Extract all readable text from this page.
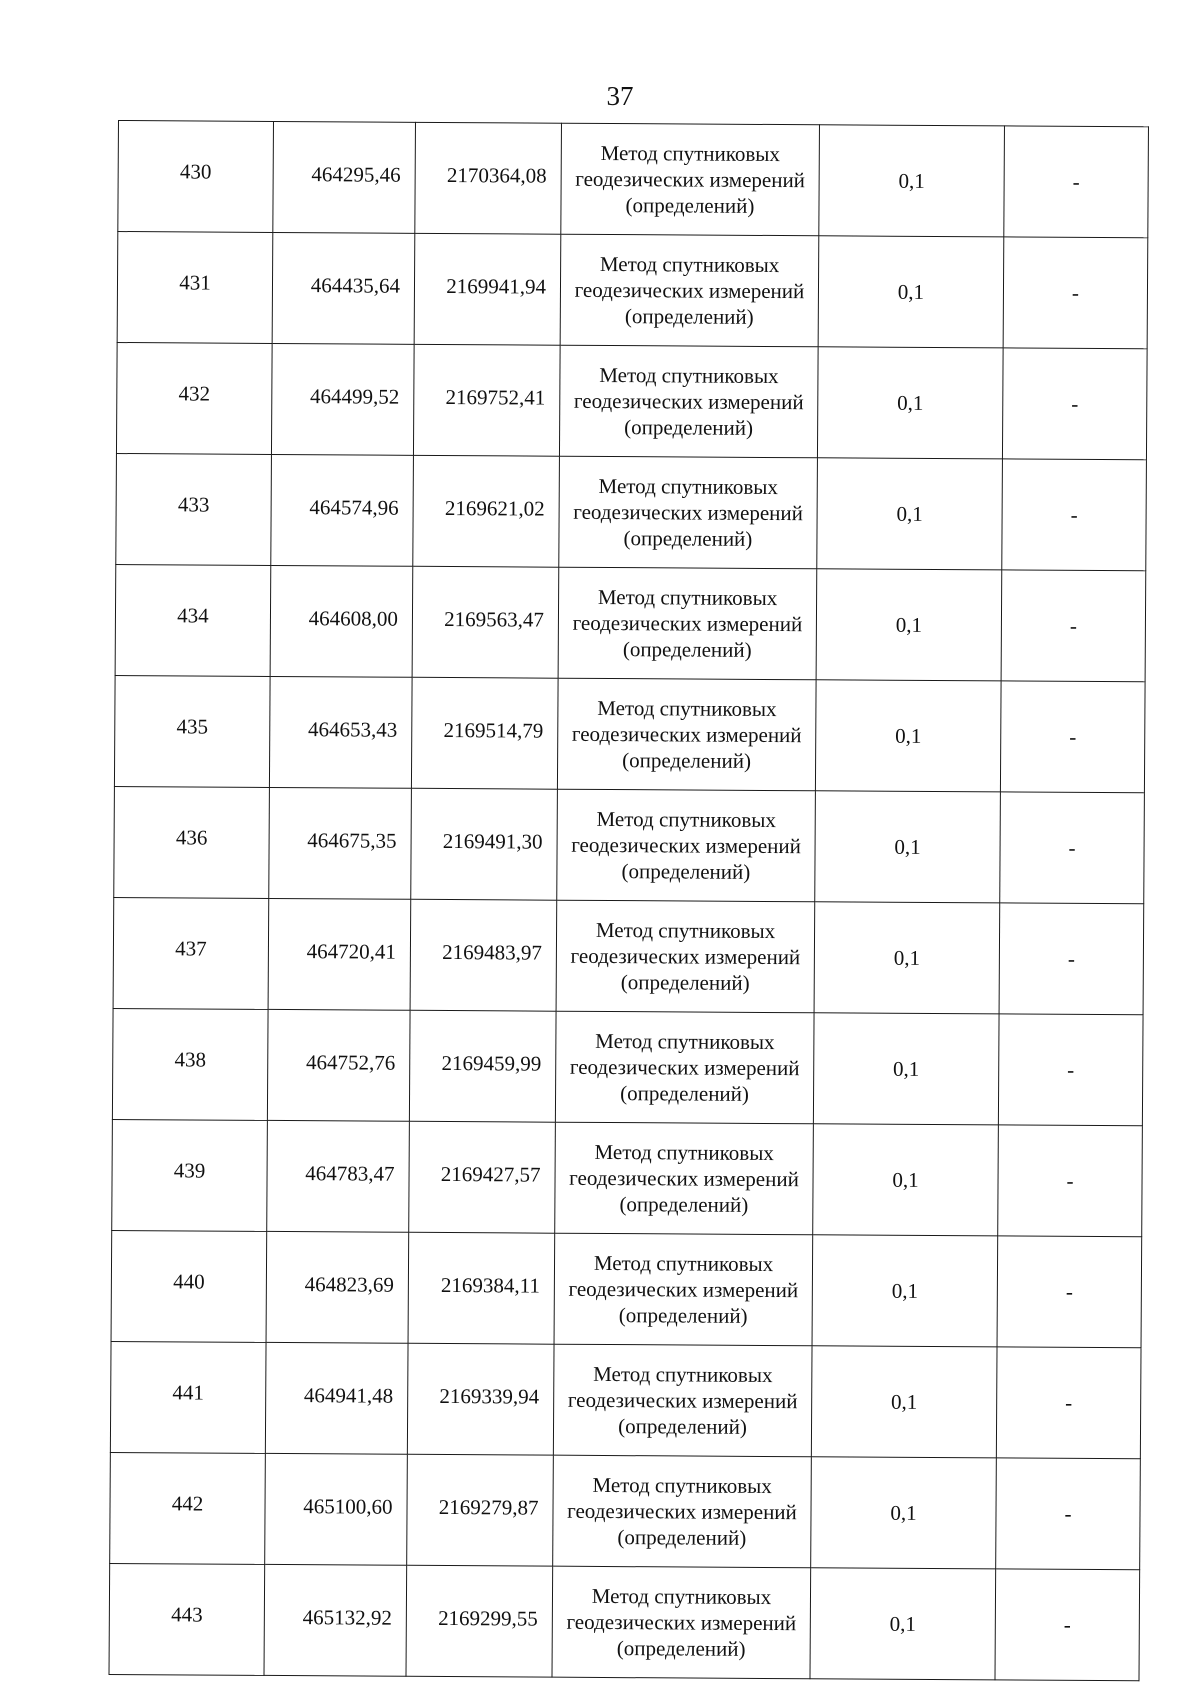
37
430	464295,46	2170364,08	Метод спутниковых
геодезических измерений
(определений)	0,1	-
431	464435,64	2169941,94	Метод спутниковых
геодезических измерений
(определений)	0,1	-
432	464499,52	2169752,41	Метод спутниковых
геодезических измерений
(определений)	0,1	-
433	464574,96	2169621,02	Метод спутниковых
геодезических измерений
(определений)	0,1	-
434	464608,00	2169563,47	Метод спутниковых
геодезических измерений
(определений)	0,1	-
435	464653,43	2169514,79	Метод спутниковых
геодезических измерений
(определений)	0,1	-
436	464675,35	2169491,30	Метод спутниковых
геодезических измерений
(определений)	0,1	-
437	464720,41	2169483,97	Метод спутниковых
геодезических измерений
(определений)	0,1	-
438	464752,76	2169459,99	Метод спутниковых
геодезических измерений
(определений)	0,1	-
439	464783,47	2169427,57	Метод спутниковых
геодезических измерений
(определений)	0,1	-
440	464823,69	2169384,11	Метод спутниковых
геодезических измерений
(определений)	0,1	-
441	464941,48	2169339,94	Метод спутниковых
геодезических измерений
(определений)	0,1	-
442	465100,60	2169279,87	Метод спутниковых
геодезических измерений
(определений)	0,1	-
443	465132,92	2169299,55	Метод спутниковых
геодезических измерений
(определений)	0,1	-
